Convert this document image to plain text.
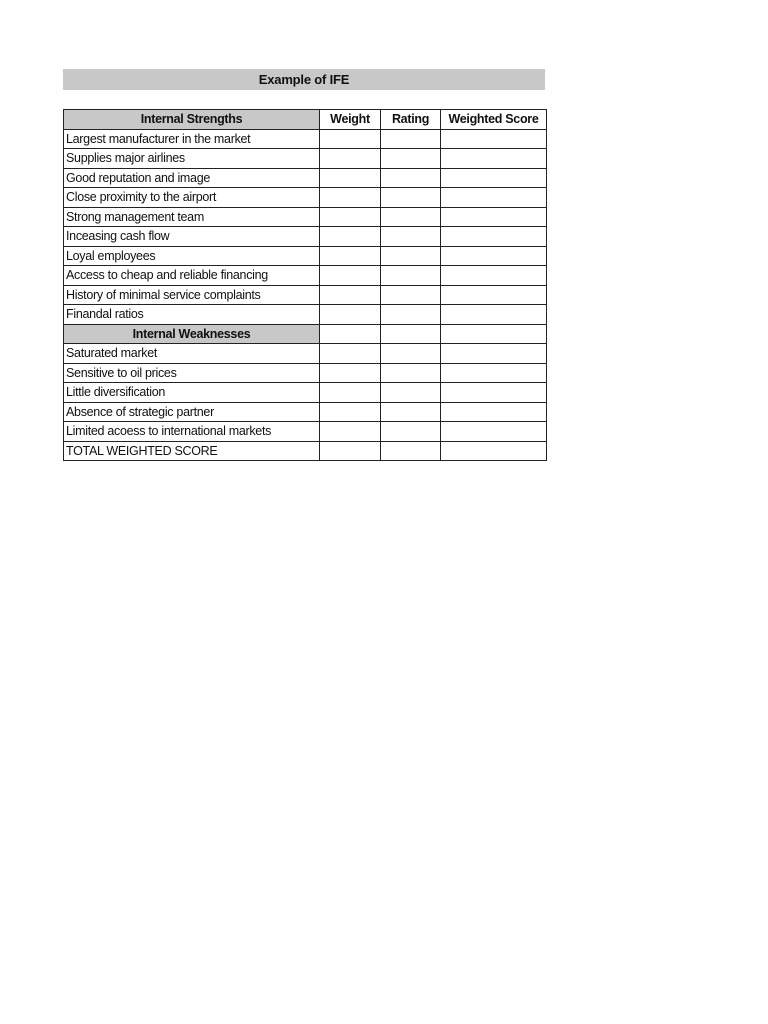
Example of IFE
Internal Strengths	Weight	Rating	Weighted Score
Largest manufacturer in the market			
Supplies major airlines			
Good reputation and image			
Close proximity to the airport			
Strong management team			
Inceasing cash flow			
Loyal employees			
Access to cheap and reliable financing			
History of minimal service complaints			
Finandal ratios			
Internal Weaknesses			
Saturated market			
Sensitive to oil prices			
Little diversification			
Absence of strategic partner			
Limited acoess to international markets			
TOTAL WEIGHTED SCORE			
